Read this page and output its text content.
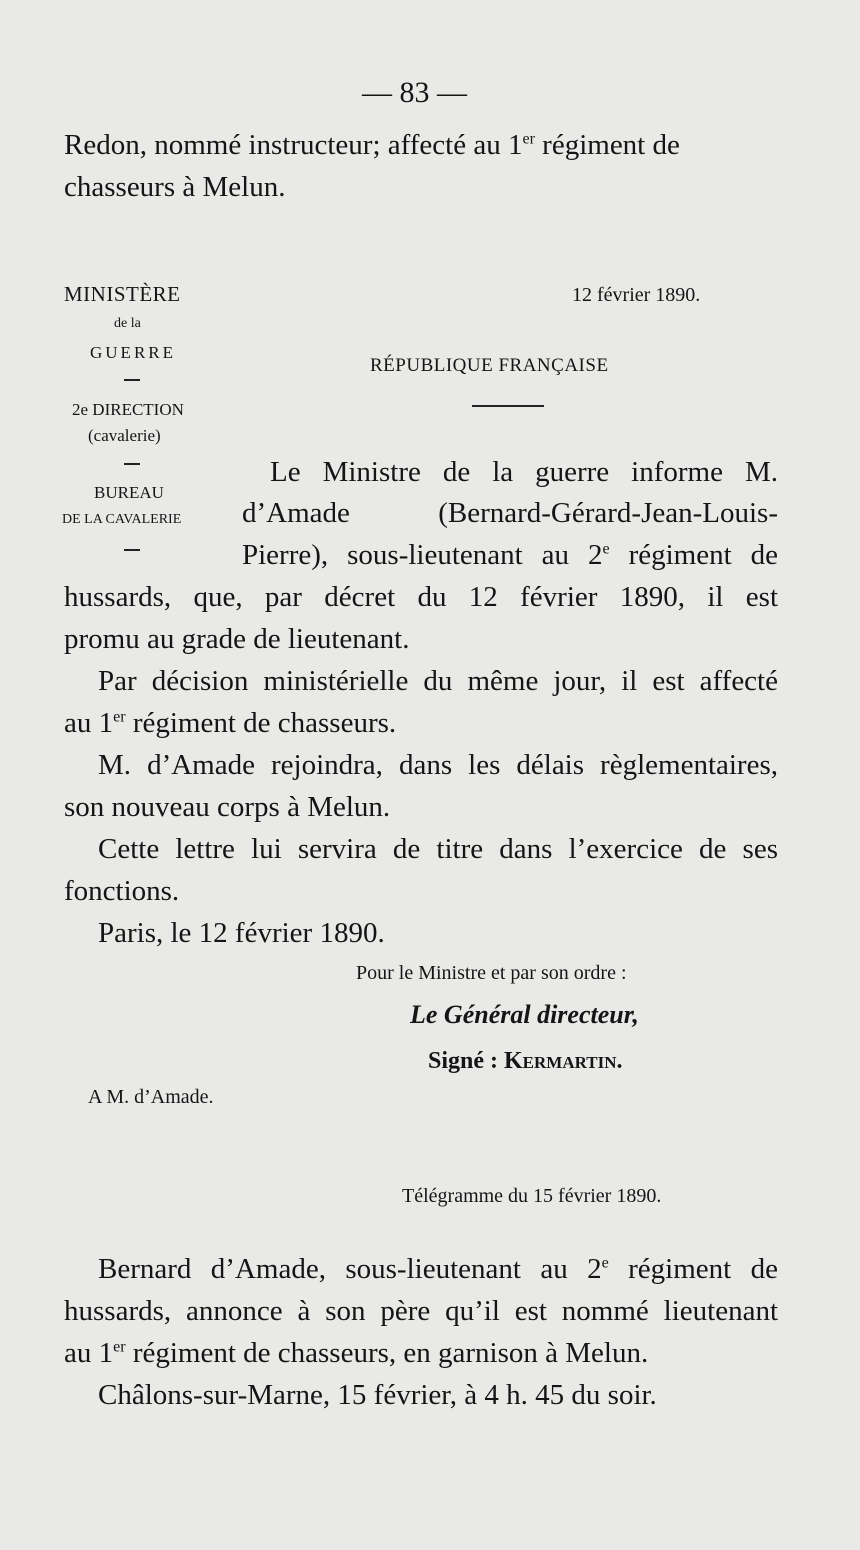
— 83 —
Redon, nommé instructeur; affecté au 1er régiment de
chasseurs à Melun.
MINISTÈRE
de la
GUERRE
2e DIRECTION
(cavalerie)
BUREAU
DE LA CAVALERIE
12 février 1890.
RÉPUBLIQUE FRANÇAISE
Le Ministre de la guerre informe M.
d’Amade (Bernard-Gérard-Jean-Louis-
Pierre), sous-lieutenant au 2e régiment de
hussards, que, par décret du 12 février 1890, il est
promu au grade de lieutenant.
Par décision ministérielle du même jour, il est affecté
au 1er régiment de chasseurs.
M. d’Amade rejoindra, dans les délais règlementaires,
son nouveau corps à Melun.
Cette lettre lui servira de titre dans l’exercice de ses
fonctions.
Paris, le 12 février 1890.
Pour le Ministre et par son ordre :
Le Général directeur,
Signé : Kermartin.
A M. d’Amade.
Télégramme du 15 février 1890.
Bernard d’Amade, sous-lieutenant au 2e régiment de
hussards, annonce à son père qu’il est nommé lieutenant
au 1er régiment de chasseurs, en garnison à Melun.
Châlons-sur-Marne, 15 février, à 4 h. 45 du soir.
